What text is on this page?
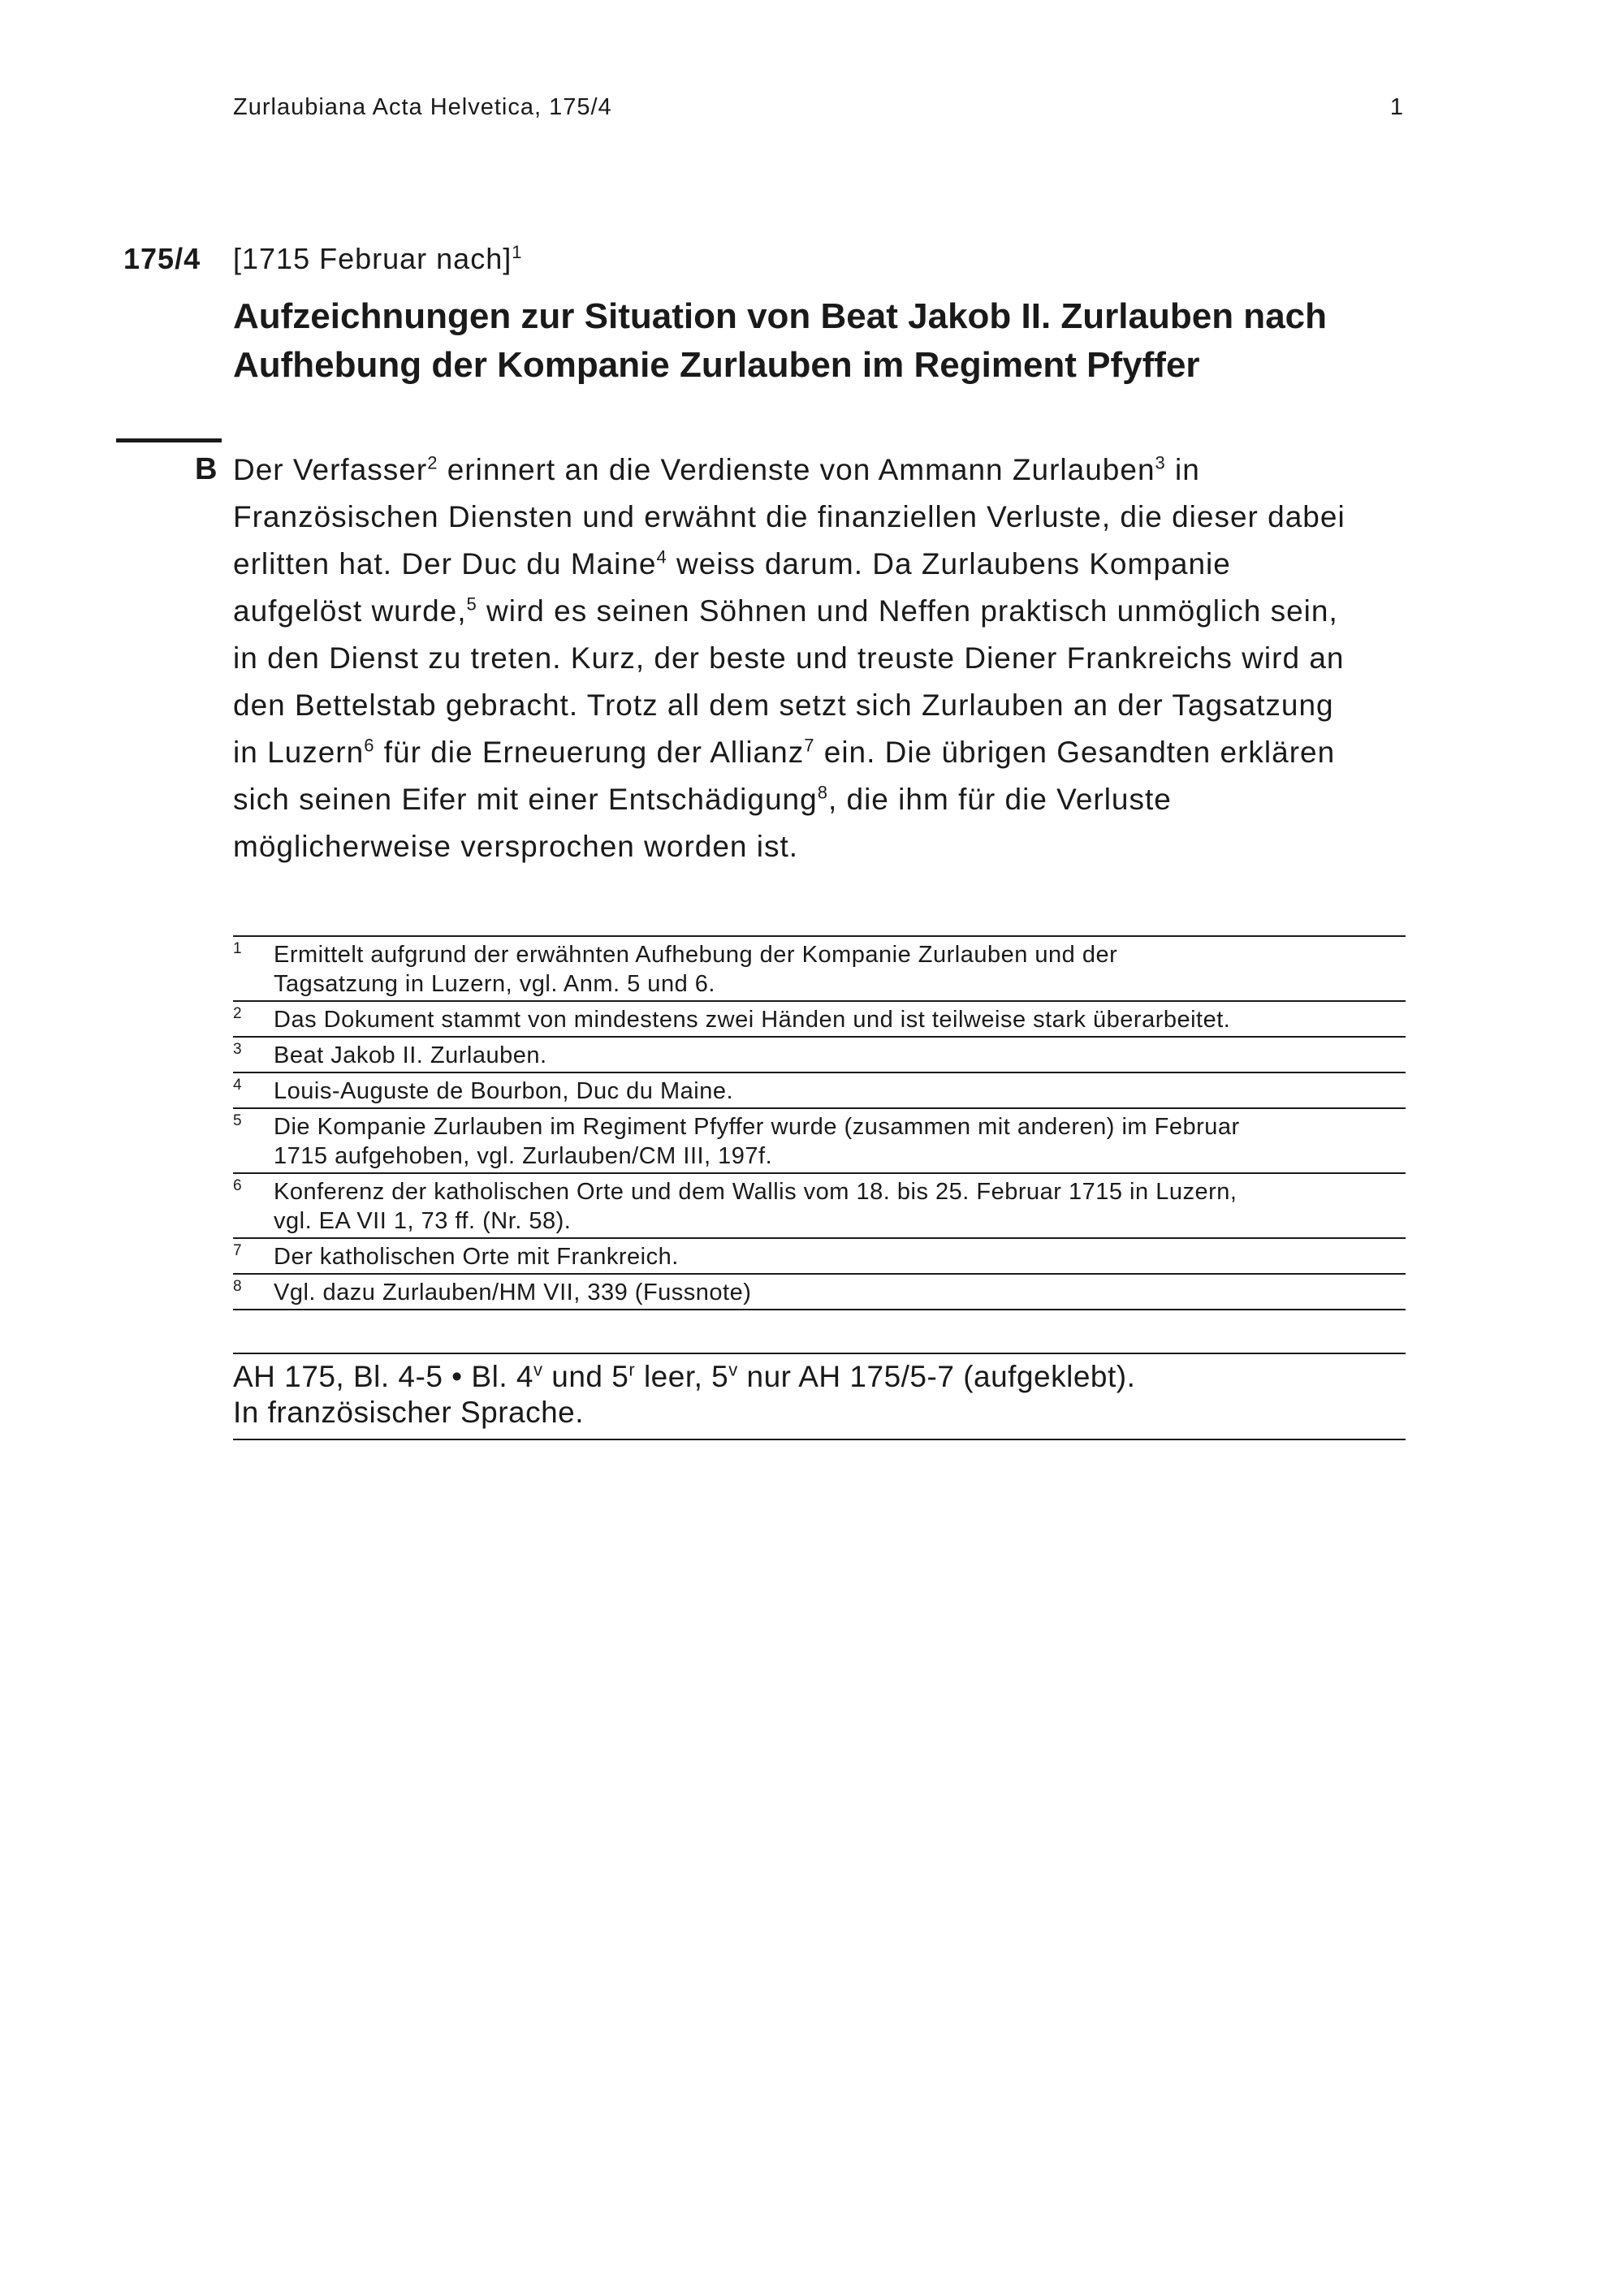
Zurlaubiana Acta Helvetica, 175/4	1
175/4 [1715 Februar nach]$^1$
Aufzeichnungen zur Situation von Beat Jakob II. Zurlauben nach
Aufhebung der Kompanie Zurlauben im Regiment Pfyffer
B Der Verfasser$^2$ erinnert an die Verdienste von Ammann Zurlauben$^3$ in
Französischen Diensten und erwähnt die finanziellen Verluste, die dieser dabei
erlitten hat. Der Duc du Maine$^4$ weiss darum. Da Zurlaubens Kompanie
aufgelöst wurde,$^5$ wird es seinen Söhnen und Neffen praktisch unmöglich sein,
in den Dienst zu treten. Kurz, der beste und treuste Diener Frankreichs wird an
den Bettelstab gebracht. Trotz all dem setzt sich Zurlauben an der Tagsatzung
in Luzern$^6$ für die Erneuerung der Allianz$^7$ ein. Die übrigen Gesandten erklären
sich seinen Eifer mit einer Entschädigung$^8$, die ihm für die Verluste
möglicherweise versprochen worden ist.
1	Ermittelt aufgrund der erwähnten Aufhebung der Kompanie Zurlauben und der
Tagsatzung in Luzern, vgl. Anm. 5 und 6.
2	Das Dokument stammt von mindestens zwei Händen und ist teilweise stark überarbeitet.
3	Beat Jakob II. Zurlauben.
4	Louis-Auguste de Bourbon, Duc du Maine.
5	Die Kompanie Zurlauben im Regiment Pfyffer wurde (zusammen mit anderen) im Februar
1715 aufgehoben, vgl. Zurlauben/CM III, 197f.
6	Konferenz der katholischen Orte und dem Wallis vom 18. bis 25. Februar 1715 in Luzern,
vgl. EA VII 1, 73 ff. (Nr. 58).
7	Der katholischen Orte mit Frankreich.
8	Vgl. dazu Zurlauben/HM VII, 339 (Fussnote)
AH 175, Bl. 4-5 • Bl. 4$^v$ und 5$^r$ leer, 5$^v$ nur AH 175/5-7 (aufgeklebt).
In französischer Sprache.
